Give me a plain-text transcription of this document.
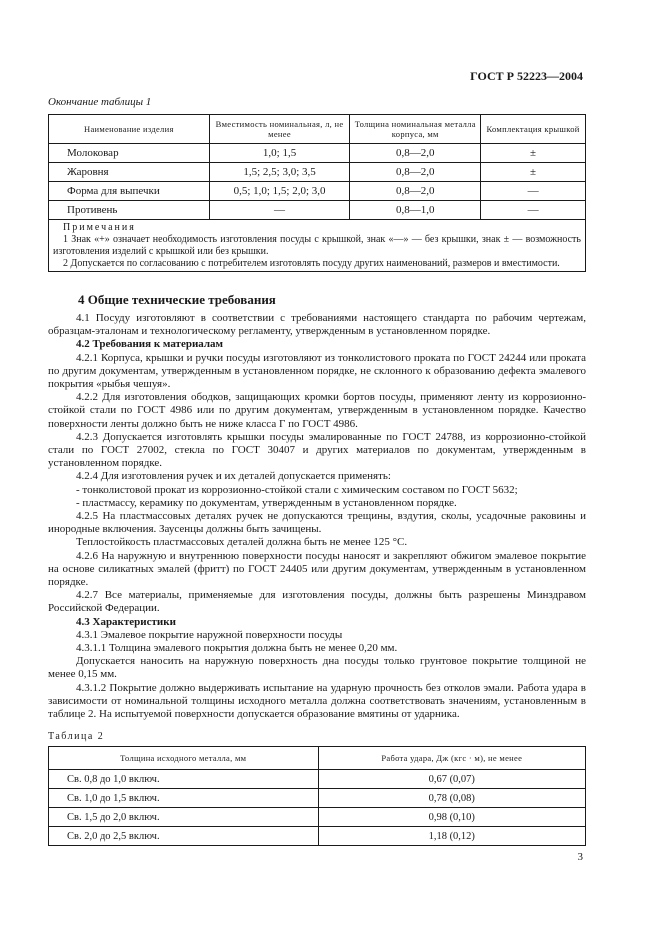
ГОСТ Р 52223—2004
Окончание таблицы 1
Наименование изделия	Вместимость номинальная, л, не менее	Толщина номинальная металла корпуса, мм	Комплектация крышкой
Молоковар	1,0; 1,5	0,8—2,0	±
Жаровня	1,5; 2,5; 3,0; 3,5	0,8—2,0	±
Форма для выпечки	0,5; 1,0; 1,5; 2,0; 3,0	0,8—2,0	—
Противень	—	0,8—1,0	—

Примечания

1 Знак «+» означает необходимость изготовления посуды с крышкой, знак «—» — без крышки, знак ± — возможность изготовления изделий с крышкой или без крышки.

2 Допускается по согласованию с потребителем изготовлять посуду других наименований, размеров и вместимости.			

4 Общие технические требования

4.1 Посуду изготовляют в соответствии с требованиями настоящего стандарта по рабочим чертежам, образцам-эталонам и технологическому регламенту, утвержденным в установленном порядке.

4.2 Требования к материалам

4.2.1 Корпуса, крышки и ручки посуды изготовляют из тонколистового проката по ГОСТ 24244 или проката по другим документам, утвержденным в установленном порядке, не склонного к образованию дефекта эмалевого покрытия «рыбья чешуя».

4.2.2 Для изготовления ободков, защищающих кромки бортов посуды, применяют ленту из коррозионно-стойкой стали по ГОСТ 4986 или по другим документам, утвержденным в установленном порядке. Качество поверхности ленты должно быть не ниже класса Г по ГОСТ 4986.

4.2.3 Допускается изготовлять крышки посуды эмалированные по ГОСТ 24788, из коррозионно-стойкой стали по ГОСТ 27002, стекла по ГОСТ 30407 и других материалов по документам, утвержденным в установленном порядке.

4.2.4 Для изготовления ручек и их деталей допускается применять:

- тонколистовой прокат из коррозионно-стойкой стали с химическим составом по ГОСТ 5632;

- пластмассу, керамику по документам, утвержденным в установленном порядке.

4.2.5 На пластмассовых деталях ручек не допускаются трещины, вздутия, сколы, усадочные раковины и инородные включения. Заусенцы должны быть зачищены.

Теплостойкость пластмассовых деталей должна быть не менее 125 °С.

4.2.6 На наружную и внутреннюю поверхности посуды наносят и закрепляют обжигом эмалевое покрытие на основе силикатных эмалей (фритт) по ГОСТ 24405 или другим документам, утвержденным в установленном порядке.

4.2.7 Все материалы, применяемые для изготовления посуды, должны быть разрешены Минздравом Российской Федерации.

4.3 Характеристики

4.3.1 Эмалевое покрытие наружной поверхности посуды

4.3.1.1 Толщина эмалевого покрытия должна быть не менее 0,20 мм.

Допускается наносить на наружную поверхность дна посуды только грунтовое покрытие толщиной не менее 0,15 мм.

4.3.1.2 Покрытие должно выдерживать испытание на ударную прочность без отколов эмали. Работа удара в зависимости от номинальной толщины исходного металла должна соответствовать значениям, установленным в таблице 2. На испытуемой поверхности допускается образование вмятины от ударника.

Таблица 2
Толщина исходного металла, мм	Работа удара, Дж (кгс · м), не менее
Св. 0,8 до 1,0 включ.	0,67 (0,07)
Св. 1,0 до 1,5 включ.	0,78 (0,08)
Св. 1,5 до 2,0 включ.	0,98 (0,10)
Св. 2,0 до 2,5 включ.	1,18 (0,12)
3
